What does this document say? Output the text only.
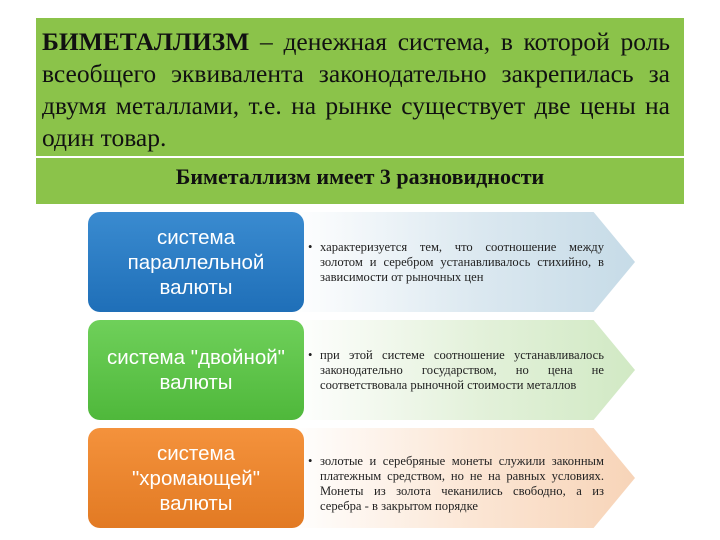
БИМЕТАЛЛИЗМ – денежная система, в которой роль всеобщего эквивалента законодательно закрепилась за двумя металлами, т.е. на рынке существует две цены на один товар.
Биметаллизм имеет 3 разновидности
система параллельной валюты
система "двойной" валюты
система "хромающей" валюты
• характеризуется тем, что соотношение между золотом и серебром устанавливалось стихийно, в зависимости от рыночных цен
• при этой системе соотношение устанавливалось законодательно государством, но цена не соответствовала рыночной стоимости металлов
• золотые и серебряные монеты служили законным платежным средством, но не на равных условиях. Монеты из золота чеканились свободно, а из серебра - в закрытом порядке
